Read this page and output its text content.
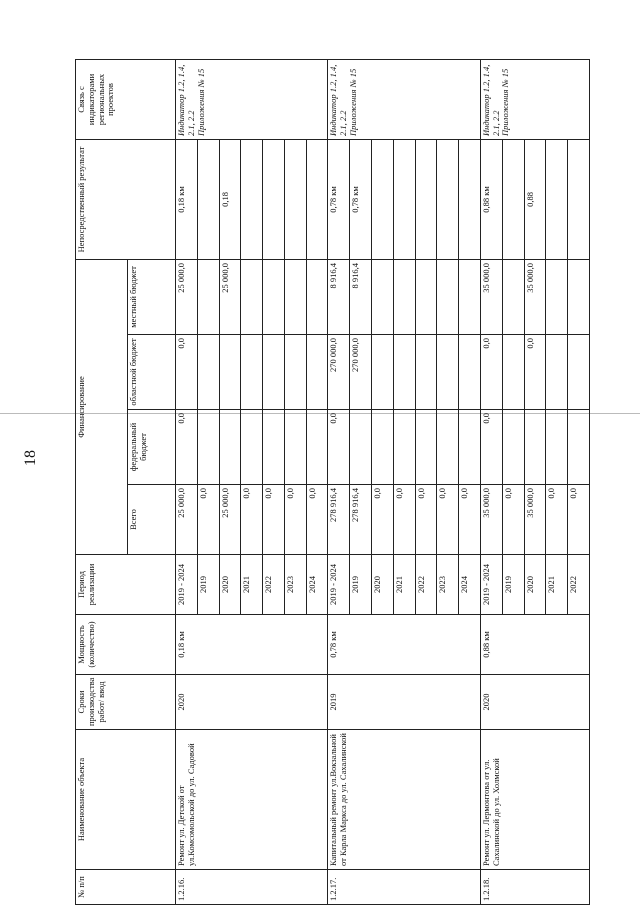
18
№ п/п	Наименование объекта	Сроки производства работ/ ввод	Мощность (количество)	Период реализации	Финансирование				Непосредственный результат	Связь с индикаторами региональных проектов
					Всего	федеральный бюджет	областной бюджет	местный бюджет		
1.2.16.	Ремонт ул. Детской от ул.Комсомольской до ул. Садовой	2020	0,18 км	2019 - 2024	25 000,0	0,0	0,0	25 000,0	0,18 км	Индикатор 1.2, 1.4, 2.1, 2.2 Приложения № 15
				2019	0,0					
				2020	25 000,0			25 000,0	0,18	
				2021	0,0					
				2022	0,0					
				2023	0,0					
				2024	0,0					
1.2.17.	Капитальный ремонт ул.Вокзальной от Карла Маркса до ул. Сахалинской	2019	0,78 км	2019 - 2024	278 916,4	0,0	270 000,0	8 916,4	0,78 км	Индикатор 1.2, 1.4, 2.1, 2.2 Приложения № 15
				2019	278 916,4		270 000,0	8 916,4	0,78 км	
				2020	0,0					
				2021	0,0					
				2022	0,0					
				2023	0,0					
				2024	0,0					
1.2.18.	Ремонт ул. Лермонтова от ул. Сахалинской до ул. Холмской	2020	0,88 км	2019 - 2024	35 000,0	0,0	0,0	35 000,0	0,88 км	Индикатор 1.2, 1.4, 2.1, 2.2 Приложения № 15
				2019	0,0					
				2020	35 000,0		0,0	35 000,0	0,88	
				2021	0,0					
				2022	0,0					
